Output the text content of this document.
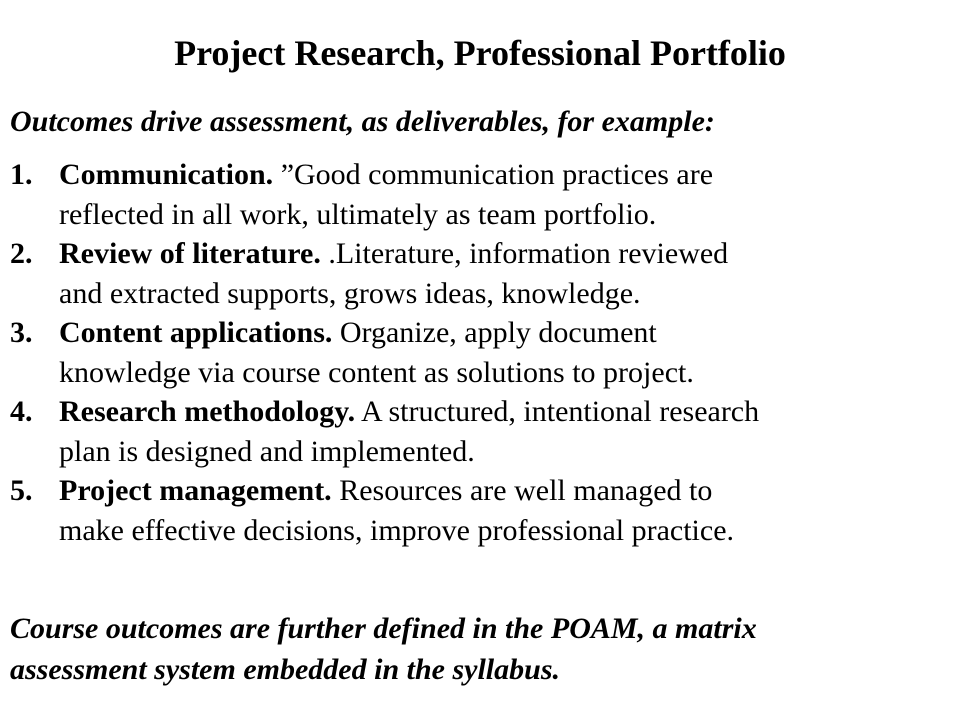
Project Research, Professional Portfolio
Outcomes drive assessment, as deliverables, for example:
1. Communication. ”Good communication practices are
reflected in all work, ultimately as team portfolio.
2. Review of literature. .Literature, information reviewed
and extracted supports, grows ideas, knowledge.
3. Content applications. Organize, apply document
knowledge via course content as solutions to project.
4. Research methodology. A structured, intentional research
plan is designed and implemented.
5. Project management. Resources are well managed to
make effective decisions, improve professional practice.
Course outcomes are further defined in the POAM, a matrix
assessment system embedded in the syllabus.
